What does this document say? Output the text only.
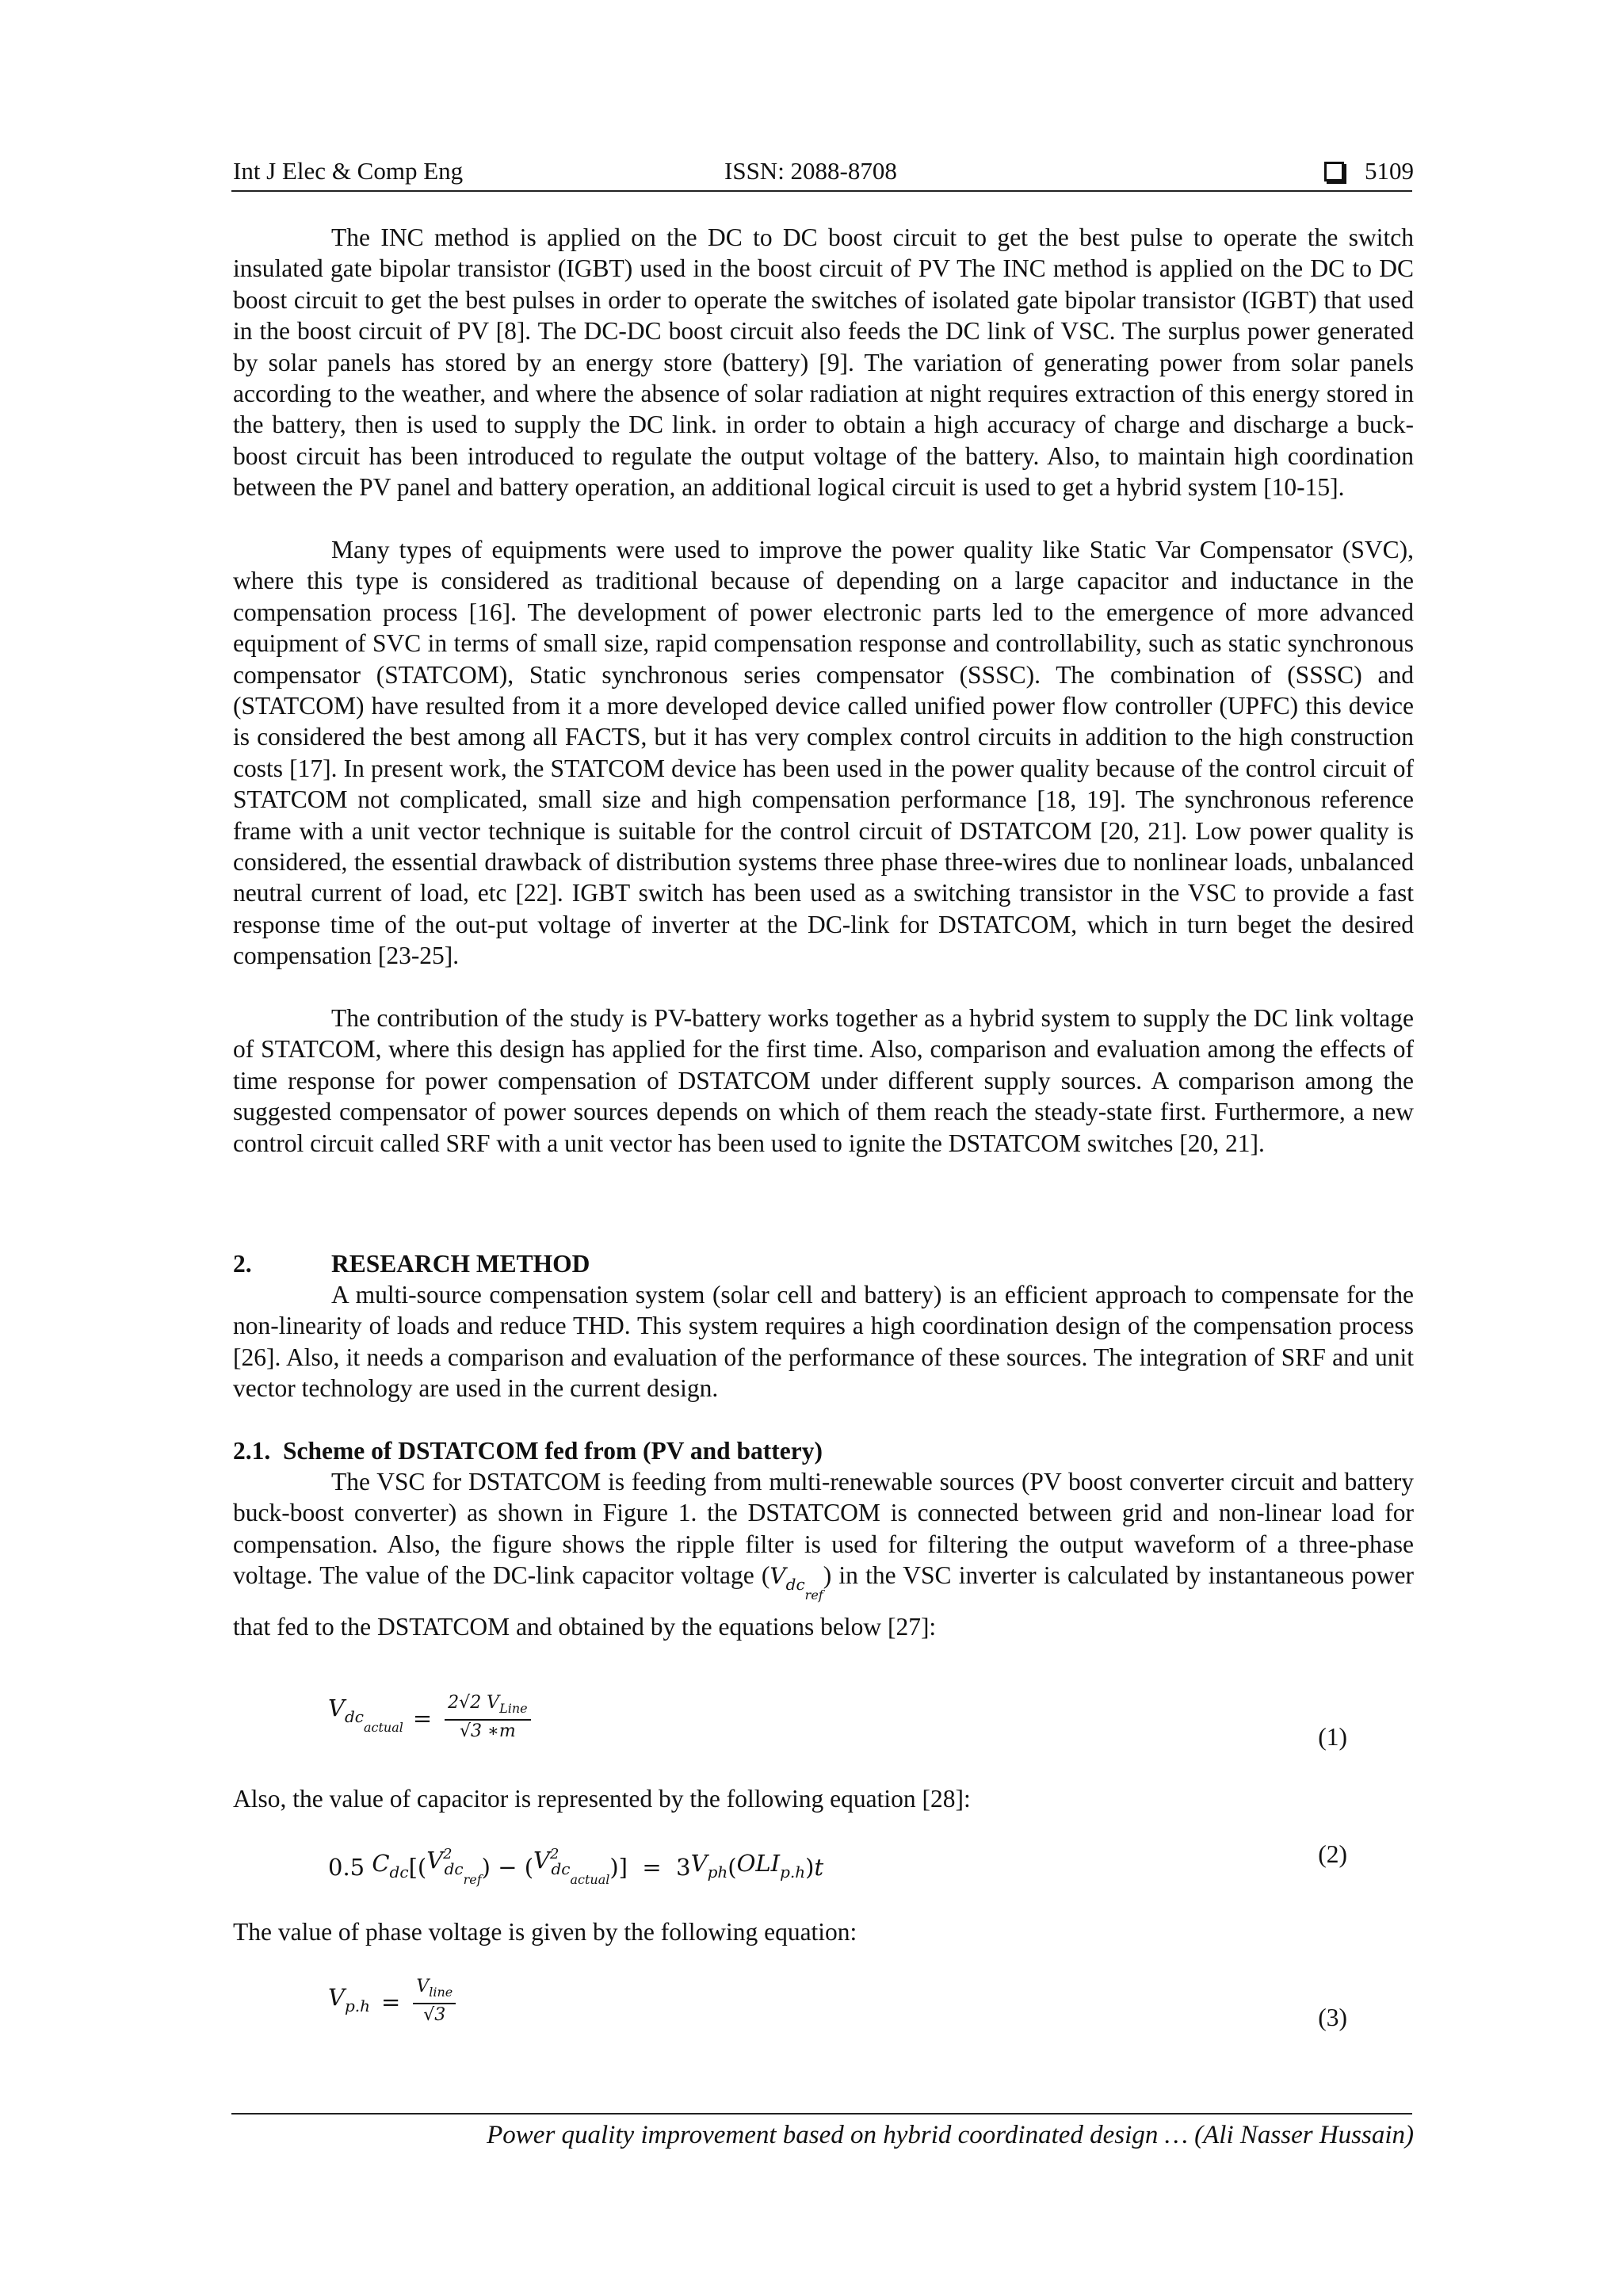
Int J Elec & Comp Eng	ISSN: 2088-8708	5109

The INC method is applied on the DC to DC boost circuit to get the best pulse to operate the switch insulated gate bipolar transistor (IGBT) used in the boost circuit of PV The INC method is applied on the DC to DC boost circuit to get the best pulses in order to operate the switches of isolated gate bipolar transistor (IGBT) that used in the boost circuit of PV [8]. The DC-DC boost circuit also feeds the DC link of VSC. The surplus power generated by solar panels has stored by an energy store (battery) [9]. The variation of generating power from solar panels according to the weather, and where the absence of solar radiation at night requires extraction of this energy stored in the battery, then is used to supply the DC link. in order to obtain a high accuracy of charge and discharge a buck-boost circuit has been introduced to regulate the output voltage of the battery. Also, to maintain high coordination between the PV panel and battery operation, an additional logical circuit is used to get a hybrid system [10-15].

Many types of equipments were used to improve the power quality like Static Var Compensator (SVC), where this type is considered as traditional because of depending on a large capacitor and inductance in the compensation process [16]. The development of power electronic parts led to the emergence of more advanced equipment of SVC in terms of small size, rapid compensation response and controllability, such as static synchronous compensator (STATCOM), Static synchronous series compensator (SSSC). The combination of (SSSC) and (STATCOM) have resulted from it a more developed device called unified power flow controller (UPFC) this device is considered the best among all FACTS, but it has very complex control circuits in addition to the high construction costs [17]. In present work, the STATCOM device has been used in the power quality because of the control circuit of STATCOM not complicated, small size and high compensation performance [18, 19]. The synchronous reference frame with a unit vector technique is suitable for the control circuit of DSTATCOM [20, 21]. Low power quality is considered, the essential drawback of distribution systems three phase three-wires due to nonlinear loads, unbalanced neutral current of load, etc [22]. IGBT switch has been used as a switching transistor in the VSC to provide a fast response time of the out-put voltage of inverter at the DC-link for DSTATCOM, which in turn beget the desired compensation [23-25].

The contribution of the study is PV-battery works together as a hybrid system to supply the DC link voltage of STATCOM, where this design has applied for the first time. Also, comparison and evaluation among the effects of time response for power compensation of DSTATCOM under different supply sources. A comparison among the suggested compensator of power sources depends on which of them reach the steady-state first. Furthermore, a new control circuit called SRF with a unit vector has been used to ignite the DSTATCOM switches [20, 21].

2.	RESEARCH METHOD

A multi-source compensation system (solar cell and battery) is an efficient approach to compensate for the non-linearity of loads and reduce THD. This system requires a high coordination design of the compensation process [26]. Also, it needs a comparison and evaluation of the performance of these sources. The integration of SRF and unit vector technology are used in the current design.

2.1. Scheme of DSTATCOM fed from (PV and battery)

The VSC for DSTATCOM is feeding from multi-renewable sources (PV boost converter circuit and battery buck-boost converter) as shown in Figure 1. the DSTATCOM is connected between grid and non-linear load for compensation. Also, the figure shows the ripple filter is used for filtering the output waveform of a three-phase voltage. The value of the DC-link capacitor voltage $(V_{dc_{ref}})$ in the VSC inverter is calculated by instantaneous power that fed to the DSTATCOM and obtained by the equations below [27]:

$V_{dc_{actual}} = \frac{2√2 V_{Line}}{√3 ∗m}$	(1)

Also, the value of capacitor is represented by the following equation [28]:

0.5 $C_{dc}$ [( $V^2_{dc_{ref}}$ ) − ( $V^2_{dc_{actual}}$ )]  =  3 $V_{ph}$ ( $OLI_{p.h}$ ) t	(2)

The value of phase voltage is given by the following equation:

$V_{p.h} = \frac{V_{line}}{√3}$	(3)
Power quality improvement based on hybrid coordinated design … (Ali Nasser Hussain)
